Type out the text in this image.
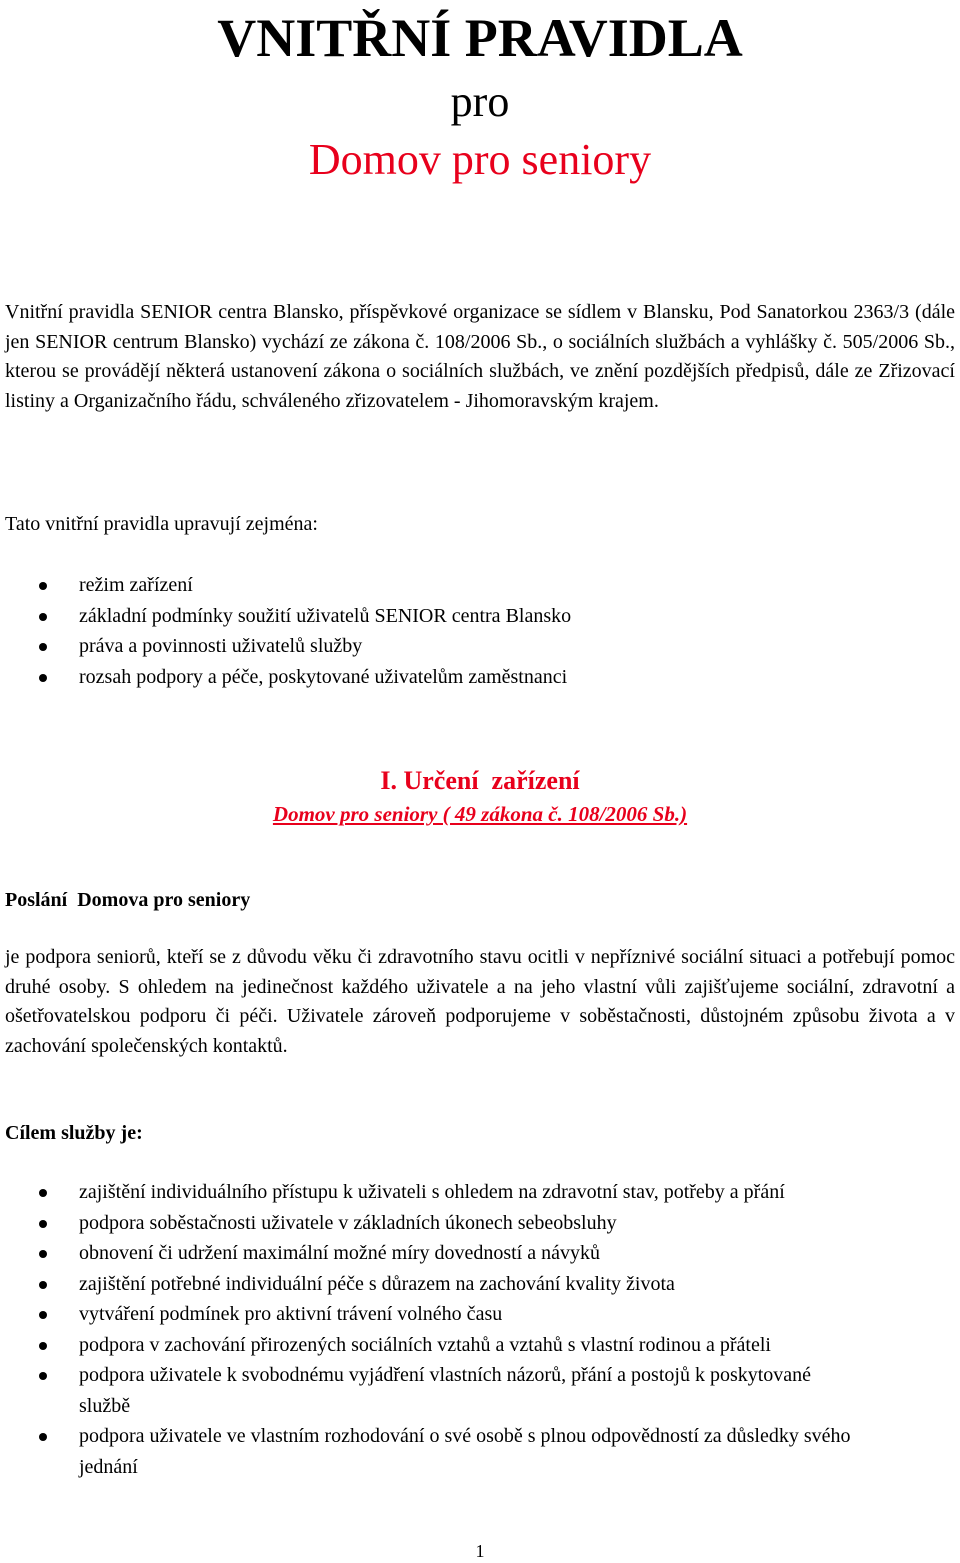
VNITŘNÍ PRAVIDLA

pro

Domov pro seniory

Vnitřní pravidla SENIOR centra Blansko, příspěvkové organizace se sídlem v Blansku, Pod Sanatorkou 2363/3 (dále jen SENIOR centrum Blansko) vychází ze zákona č. 108/2006 Sb., o sociálních službách a vyhlášky č. 505/2006 Sb., kterou se provádějí některá ustanovení zákona o sociálních službách, ve znění pozdějších předpisů, dále ze Zřizovací listiny a Organizačního řádu, schváleného zřizovatelem - Jihomoravským krajem.

Tato vnitřní pravidla upravují zejména:

režim zařízení
základní podmínky soužití uživatelů SENIOR centra Blansko
práva a povinnosti uživatelů služby
rozsah podpory a péče, poskytované uživatelům zaměstnanci
I. Určení  zařízení

Domov pro seniory ( 49 zákona č. 108/2006 Sb.)

Poslání  Domova pro seniory

je podpora seniorů, kteří se z důvodu věku či zdravotního stavu ocitli v nepříznivé sociální situaci a potřebují pomoc druhé osoby. S ohledem na jedinečnost každého uživatele a na jeho vlastní vůli zajišťujeme sociální, zdravotní a ošetřovatelskou podporu či péči. Uživatele zároveň podporujeme v soběstačnosti, důstojném způsobu života a v zachování společenských kontaktů.

Cílem služby je:

zajištění individuálního přístupu k uživateli s ohledem na zdravotní stav, potřeby a přání
podpora soběstačnosti uživatele v základních úkonech sebeobsluhy
obnovení či udržení maximální možné míry dovedností a návyků
zajištění potřebné individuální péče s důrazem na zachování kvality života
vytváření podmínek pro aktivní trávení volného času
podpora v zachování přirozených sociálních vztahů a vztahů s vlastní rodinou a přáteli
podpora uživatele k svobodnému vyjádření vlastních názorů, přání a postojů k poskytované službě
podpora uživatele ve vlastním rozhodování o své osobě s plnou odpovědností za důsledky svého jednání

1
